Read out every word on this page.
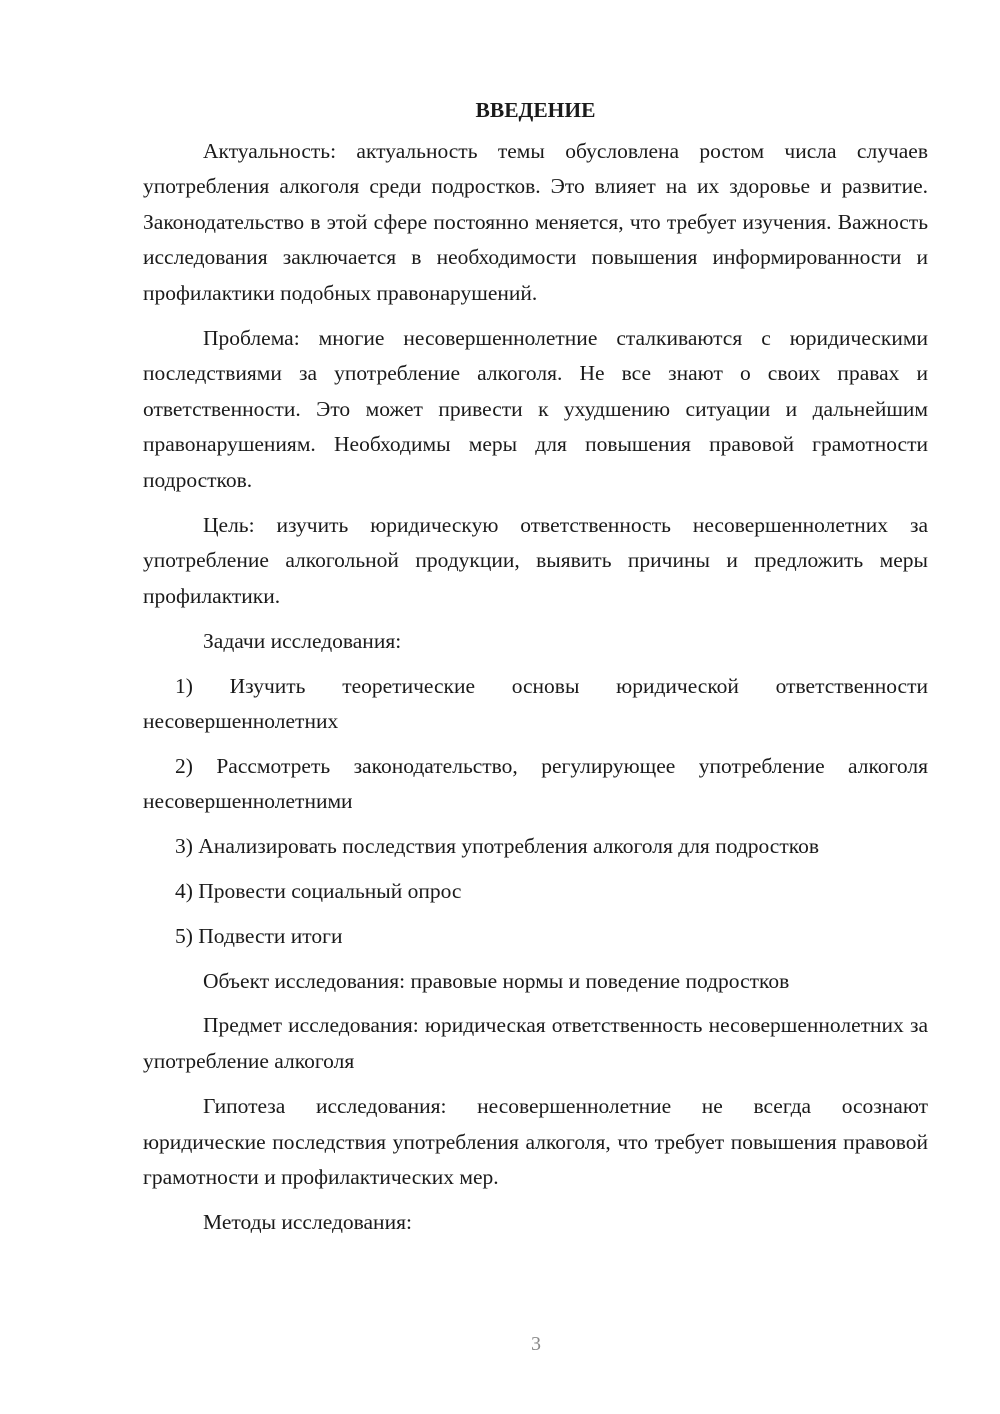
ВВЕДЕНИЕ

Актуальность: актуальность темы обусловлена ростом числа случаев употребления алкоголя среди подростков. Это влияет на их здоровье и развитие. Законодательство в этой сфере постоянно меняется, что требует изучения. Важность исследования заключается в необходимости повышения информированности и профилактики подобных правонарушений.

Проблема: многие несовершеннолетние сталкиваются с юридическими последствиями за употребление алкоголя. Не все знают о своих правах и ответственности. Это может привести к ухудшению ситуации и дальнейшим правонарушениям. Необходимы меры для повышения правовой грамотности подростков.

Цель: изучить юридическую ответственность несовершеннолетних за употребление алкогольной продукции, выявить причины и предложить меры профилактики.

Задачи исследования:

1) Изучить теоретические основы юридической ответственности несовершеннолетних

2) Рассмотреть законодательство, регулирующее употребление алкоголя несовершеннолетними

3) Анализировать последствия употребления алкоголя для подростков

4) Провести социальный опрос

5) Подвести итоги

Объект исследования: правовые нормы и поведение подростков

Предмет исследования: юридическая ответственность несовершеннолетних за употребление алкоголя

Гипотеза исследования: несовершеннолетние не всегда осознают юридические последствия употребления алкоголя, что требует повышения правовой грамотности и профилактических мер.

Методы исследования:

3
